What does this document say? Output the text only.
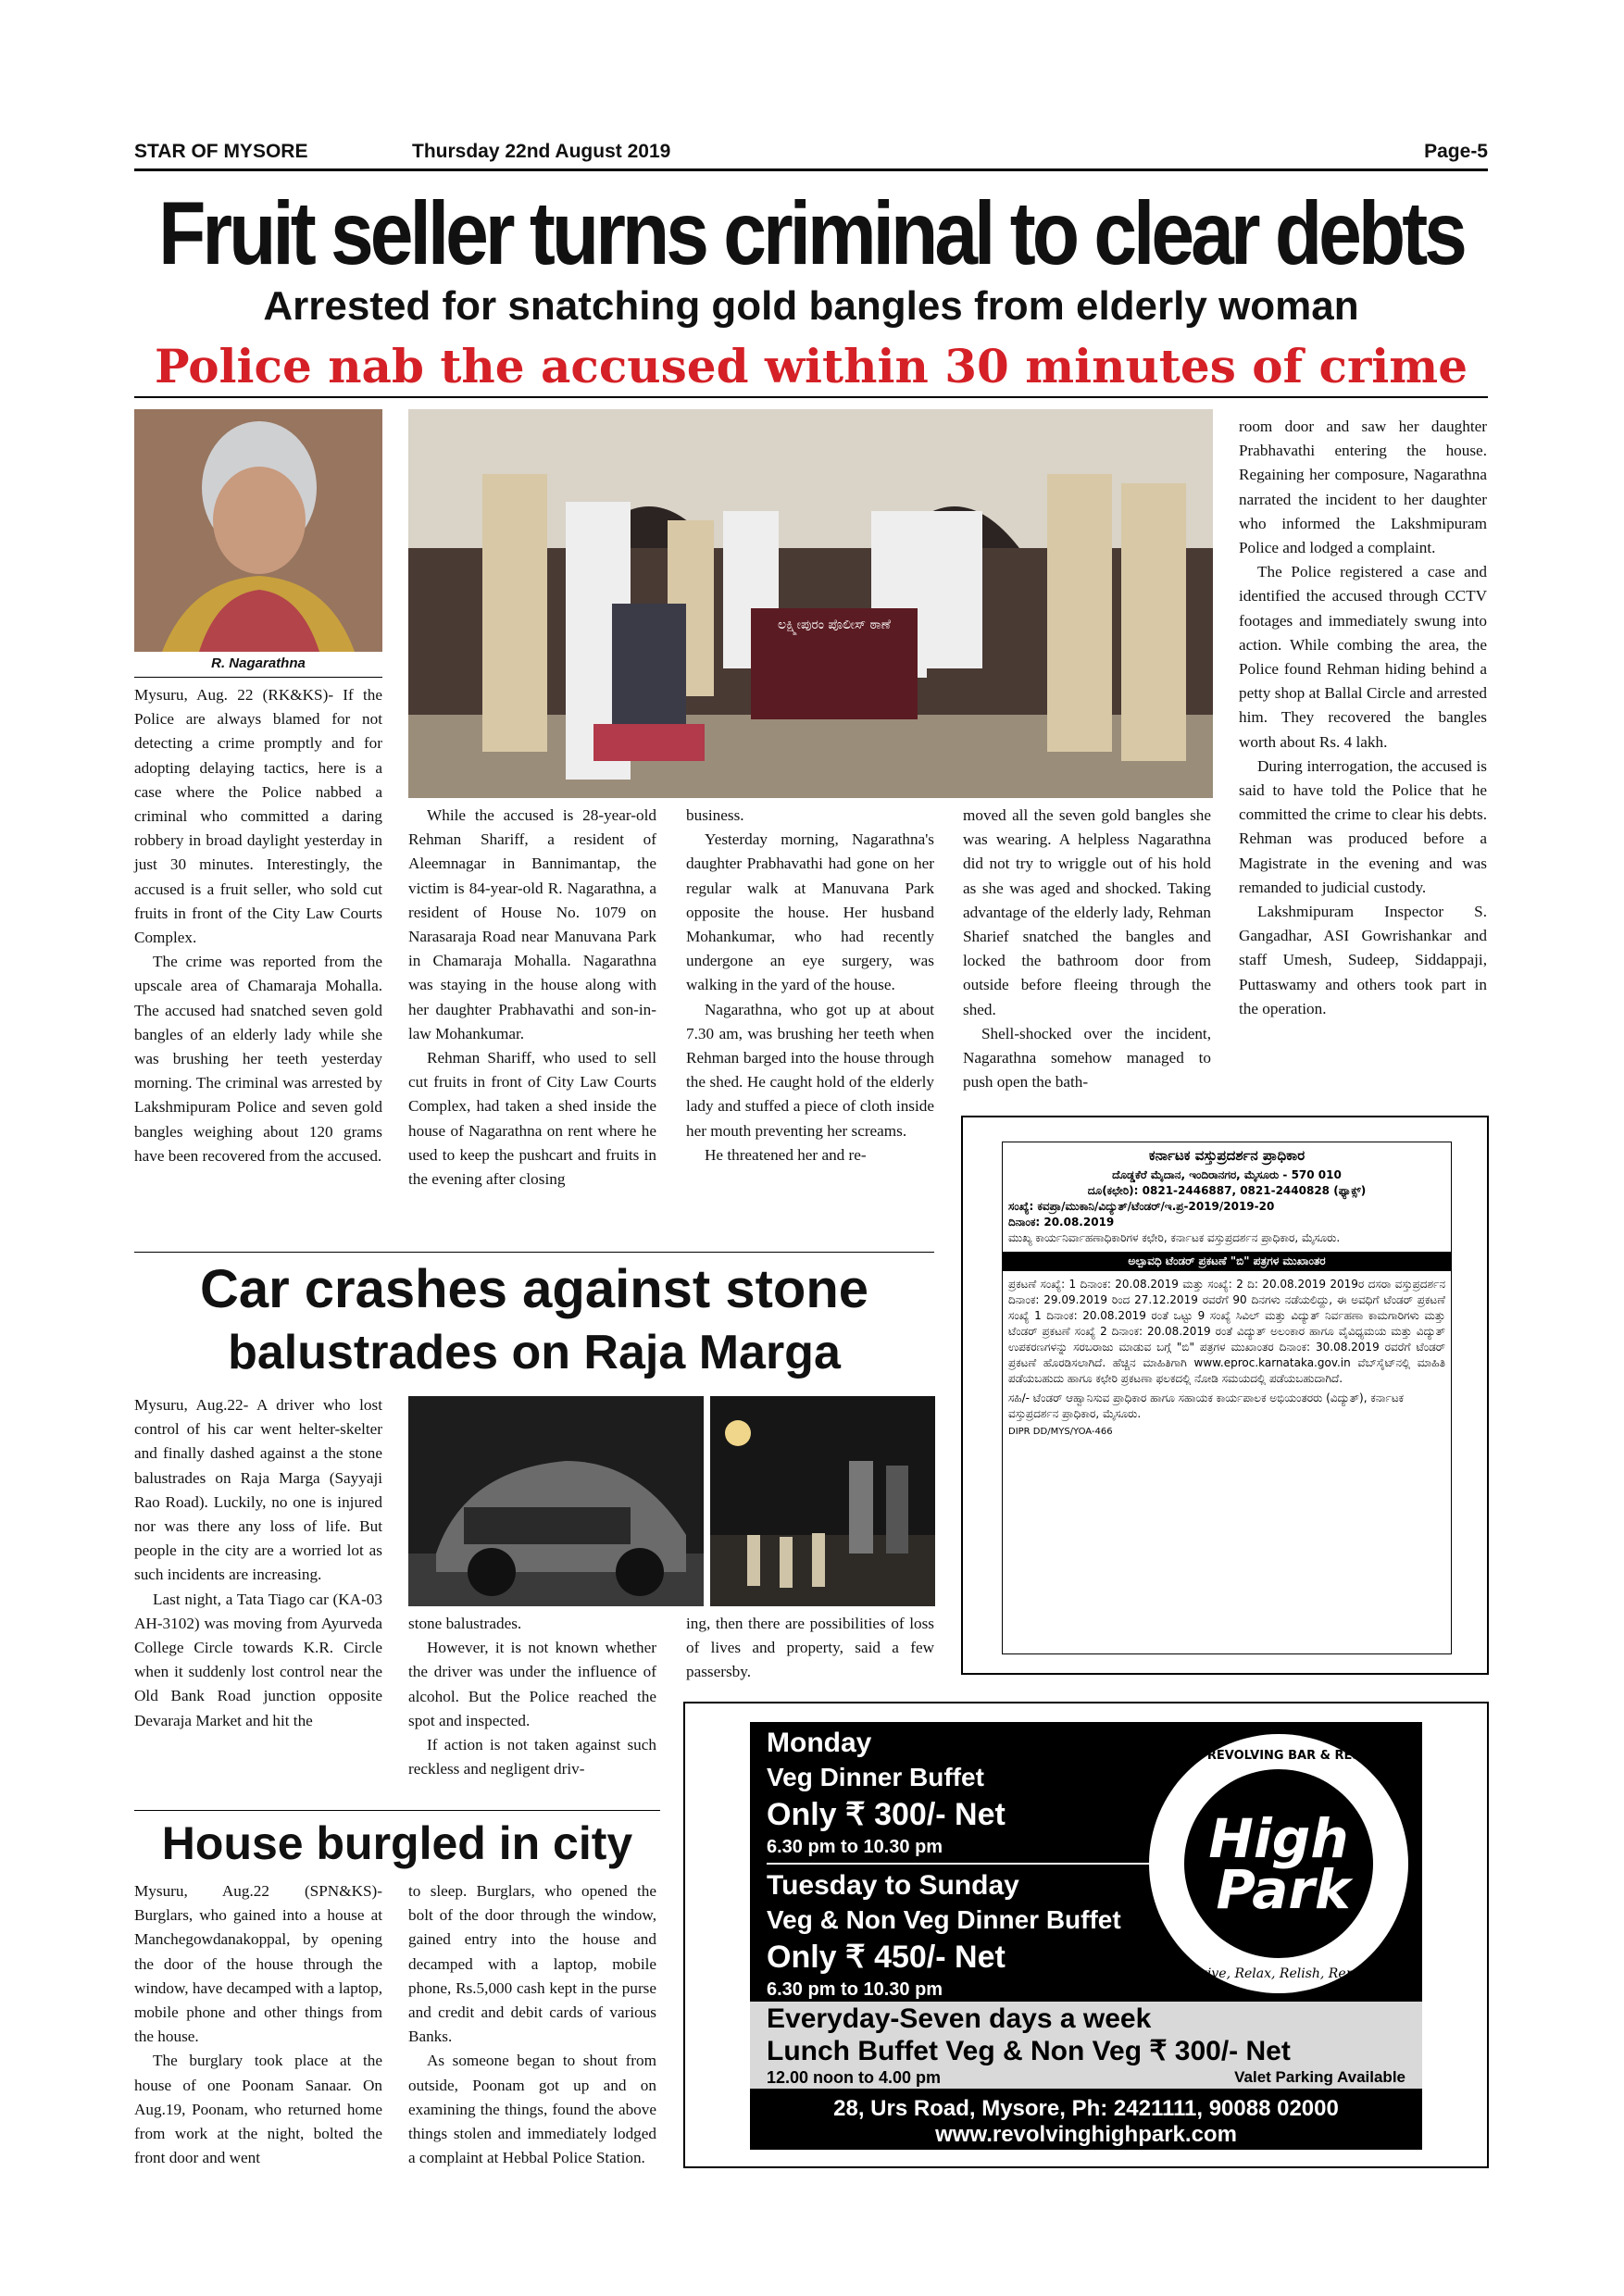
STAR OF MYSORE	Thursday 22nd August 2019	Page-5
Fruit seller turns criminal to clear debts
Arrested for snatching gold bangles from elderly woman
Police nab the accused within 30 minutes of crime
R. Nagarathna
ಲಕ್ಷ್ಮೀಪುರಂ ಪೊಲೀಸ್ ಠಾಣೆ

Mysuru, Aug. 22 (RK&KS)- If the Police are always blamed for not detecting a crime promptly and for adopting delaying tactics, here is a case where the Police nabbed a criminal who committed a daring robbery in broad daylight yesterday in just 30 minutes. Interestingly, the accused is a fruit seller, who sold cut fruits in front of the City Law Courts Complex.

The crime was reported from the upscale area of Chamaraja Mohalla. The accused had snatched seven gold bangles of an elderly lady while she was brushing her teeth yesterday morning. The criminal was arrested by Lakshmipuram Police and seven gold bangles weighing about 120 grams have been recovered from the accused.

While the accused is 28-year-old Rehman Shariff, a resident of Aleemnagar in Bannimantap, the victim is 84-year-old R. Nagarathna, a resident of House No. 1079 on Narasaraja Road near Manuvana Park in Chamaraja Mohalla. Nagarathna was staying in the house along with her daughter Prabhavathi and son-in-law Mohankumar.

Rehman Shariff, who used to sell cut fruits in front of City Law Courts Complex, had taken a shed inside the house of Nagarathna on rent where he used to keep the pushcart and fruits in the evening after closing

business.

Yesterday morning, Nagarathna's daughter Prabhavathi had gone on her regular walk at Manuvana Park opposite the house. Her husband Mohankumar, who had recently undergone an eye surgery, was walking in the yard of the house.

Nagarathna, who got up at about 7.30 am, was brushing her teeth when Rehman barged into the house through the shed. He caught hold of the elderly lady and stuffed a piece of cloth inside her mouth preventing her screams.

He threatened her and re-

moved all the seven gold bangles she was wearing. A helpless Nagarathna did not try to wriggle out of his hold as she was aged and shocked. Taking advantage of the elderly lady, Rehman Sharief snatched the bangles and locked the bathroom door from outside before fleeing through the shed.

Shell-shocked over the incident, Nagarathna somehow managed to push open the bath-

room door and saw her daughter Prabhavathi entering the house. Regaining her composure, Nagarathna narrated the incident to her daughter who informed the Lakshmipuram Police and lodged a complaint.

The Police registered a case and identified the accused through CCTV footages and immediately swung into action. While combing the area, the Police found Rehman hiding behind a petty shop at Ballal Circle and arrested him. They recovered the bangles worth about Rs. 4 lakh.

During interrogation, the accused is said to have told the Police that he committed the crime to clear his debts. Rehman was produced before a Magistrate in the evening and was remanded to judicial custody.

Lakshmipuram Inspector S. Gangadhar, ASI Gowrishankar and staff Umesh, Sudeep, Siddappaji, Puttaswamy and others took part in the operation.

Car crashes against stone
balustrades on Raja Marga

Mysuru, Aug.22- A driver who lost control of his car went helter-skelter and finally dashed against a the stone balustrades on Raja Marga (Sayyaji Rao Road). Luckily, no one is injured nor was there any loss of life. But people in the city are a worried lot as such incidents are increasing.

Last night, a Tata Tiago car (KA-03 AH-3102) was moving from Ayurveda College Circle towards K.R. Circle when it suddenly lost control near the Old Bank Road junction opposite Devaraja Market and hit the

stone balustrades.

However, it is not known whether the driver was under the influence of alcohol. But the Police reached the spot and inspected.

If action is not taken against such reckless and negligent driv-

ing, then there are possibilities of loss of lives and property, said a few passersby.

House burgled in city

Mysuru, Aug.22 (SPN&KS)- Burglars, who gained into a house at Manchegowdanakoppal, by opening the door of the house through the window, have decamped with a laptop, mobile phone and other things from the house.

The burglary took place at the house of one Poonam Sanaar. On Aug.19, Poonam, who returned home from work at the night, bolted the front door and went

to sleep. Burglars, who opened the bolt of the door through the window, gained entry into the house and decamped with a laptop, mobile phone, Rs.5,000 cash kept in the purse and credit and debit cards of various Banks.

As someone began to shout from outside, Poonam got up and on examining the things, found the above things stolen and immediately lodged a complaint at Hebbal Police Station.

ಕರ್ನಾಟಕ ವಸ್ತುಪ್ರದರ್ಶನ ಪ್ರಾಧಿಕಾರ
ದೊಡ್ಡಕೆರೆ ಮೈದಾನ, ಇಂದಿರಾನಗರ, ಮೈಸೂರು - 570 010
ದೂ(ಕಛೇರಿ): 0821-2446887, 0821-2440828 (ಫ್ಯಾಕ್ಸ್)
ಸಂಖ್ಯೆ: ಕವಪ್ರಾ/ಮುಕಾನಿ/ವಿದ್ಯುತ್/ಟೆಂಡರ್/ಇ.ಪ್ರ-2019/2019-20
ದಿನಾಂಕ: 20.08.2019
ಮುಖ್ಯ ಕಾರ್ಯನಿರ್ವಾಹಣಾಧಿಕಾರಿಗಳ ಕಛೇರಿ, ಕರ್ನಾಟಕ ವಸ್ತುಪ್ರದರ್ಶನ ಪ್ರಾಧಿಕಾರ, ಮೈಸೂರು.
ಅಲ್ಪಾವಧಿ ಟೆಂಡರ್ ಪ್ರಕಟಣೆ "ಬಿ" ಪತ್ರಗಳ ಮುಖಾಂತರ
ಪ್ರಕಟಣೆ ಸಂಖ್ಯೆ: 1 ದಿನಾಂಕ: 20.08.2019 ಮತ್ತು ಸಂಖ್ಯೆ: 2 ದಿ: 20.08.2019 2019ರ ದಸರಾ ವಸ್ತುಪ್ರದರ್ಶನ ದಿನಾಂಕ: 29.09.2019 ರಿಂದ 27.12.2019 ರವರೆಗೆ 90 ದಿನಗಳು ನಡೆಯಲಿದ್ದು, ಈ ಅವಧಿಗೆ ಟೆಂಡರ್ ಪ್ರಕಟಣೆ ಸಂಖ್ಯೆ 1 ದಿನಾಂಕ: 20.08.2019 ರಂತೆ ಒಟ್ಟು 9 ಸಂಖ್ಯೆ ಸಿವಿಲ್ ಮತ್ತು ವಿದ್ಯುತ್ ನಿರ್ವಹಣಾ ಕಾಮಗಾರಿಗಳು ಮತ್ತು ಟೆಂಡರ್ ಪ್ರಕಟಣೆ ಸಂಖ್ಯೆ 2 ದಿನಾಂಕ: 20.08.2019 ರಂತೆ ವಿದ್ಯುತ್ ಅಲಂಕಾರ ಹಾಗೂ ವೈವಿಧ್ಯಮಯ ಮತ್ತು ವಿದ್ಯುತ್ ಉಪಕರಣಗಳನ್ನು ಸರಬರಾಜು ಮಾಡುವ ಬಗ್ಗೆ "ಬಿ" ಪತ್ರಗಳ ಮುಖಾಂತರ ದಿನಾಂಕ: 30.08.2019 ರವರೆಗೆ ಟೆಂಡರ್ ಪ್ರಕಟಣೆ ಹೊರಡಿಸಲಾಗಿದೆ. ಹೆಚ್ಚಿನ ಮಾಹಿತಿಗಾಗಿ www.eproc.karnataka.gov.in ವೆಬ್‌ಸೈಟ್‌ನಲ್ಲಿ ಮಾಹಿತಿ ಪಡೆಯಬಹುದು ಹಾಗೂ ಕಛೇರಿ ಪ್ರಕಟಣಾ ಫಲಕದಲ್ಲಿ ನೋಡಿ ಸಮಯದಲ್ಲಿ ಪಡೆಯಬಹುದಾಗಿದೆ.
ಸಹಿ/- ಟೆಂಡರ್ ಆಹ್ವಾನಿಸುವ ಪ್ರಾಧಿಕಾರ ಹಾಗೂ ಸಹಾಯಕ ಕಾರ್ಯಪಾಲಕ ಅಭಿಯಂತರರು (ವಿದ್ಯುತ್), ಕರ್ನಾಟಕ ವಸ್ತುಪ್ರದರ್ಶನ ಪ್ರಾಧಿಕಾರ, ಮೈಸೂರು.
DIPR DD/MYS/YOA-466
Monday
Veg Dinner Buffet
Only ₹ 300/- Net
6.30 pm to 10.30 pm
Tuesday to Sunday
Veg & Non Veg Dinner Buffet
Only ₹ 450/- Net
6.30 pm to 10.30 pm
High
Park
ROOF TOP REVOLVING BAR & RESTAURANT
Revive, Relax, Relish, Repeat
Everyday-Seven days a week
Lunch Buffet Veg & Non Veg ₹ 300/- Net
12.00 noon to 4.00 pm	Valet Parking Available
28, Urs Road, Mysore, Ph: 2421111, 90088 02000
www.revolvinghighpark.com
